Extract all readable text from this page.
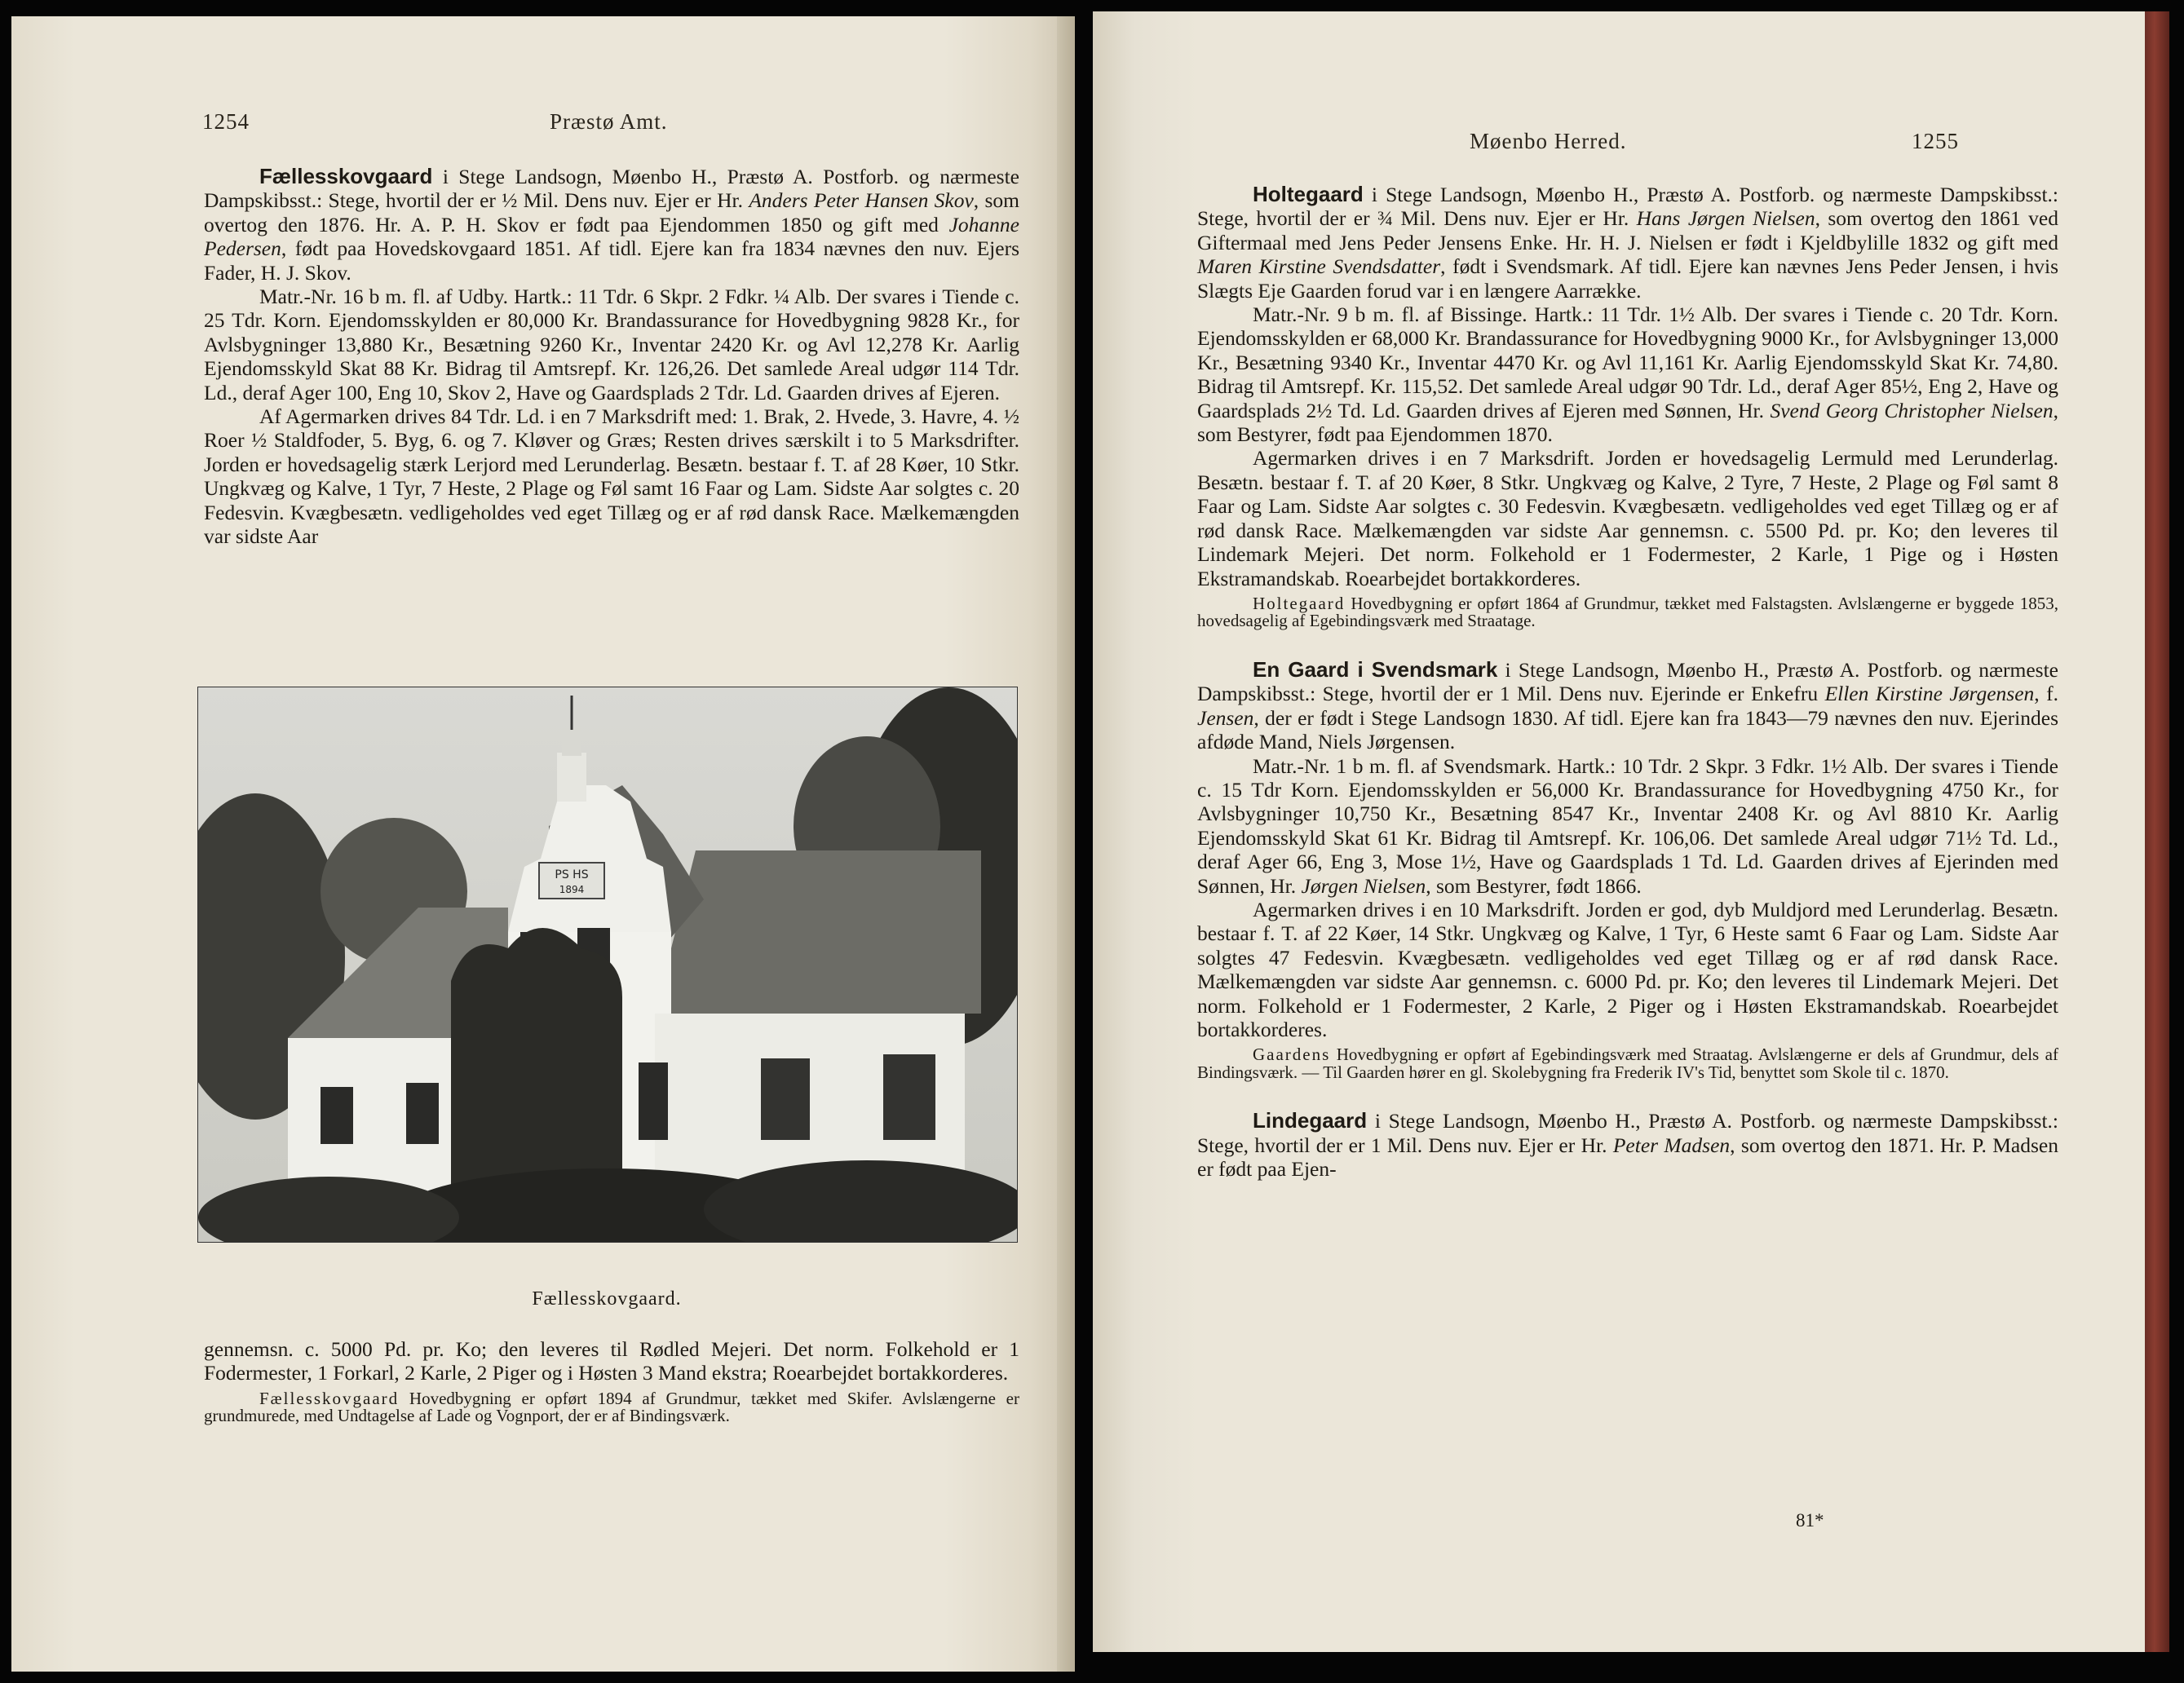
1254	Præstø Amt.

Fællesskovgaard i Stege Landsogn, Møenbo H., Præstø A. Postforb. og nærmeste Dampskibsst.: Stege, hvortil der er ½ Mil. Dens nuv. Ejer er Hr. Anders Peter Hansen Skov, som overtog den 1876. Hr. A. P. H. Skov er født paa Ejendommen 1850 og gift med Johanne Pedersen, født paa Hovedskovgaard 1851. Af tidl. Ejere kan fra 1834 nævnes den nuv. Ejers Fader, H. J. Skov.

Matr.-Nr. 16 b m. fl. af Udby. Hartk.: 11 Tdr. 6 Skpr. 2 Fdkr. ¼ Alb. Der svares i Tiende c. 25 Tdr. Korn. Ejendomsskylden er 80,000 Kr. Brandassurance for Hovedbygning 9828 Kr., for Avlsbygninger 13,880 Kr., Besætning 9260 Kr., Inventar 2420 Kr. og Avl 12,278 Kr. Aarlig Ejendomsskyld Skat 88 Kr. Bidrag til Amtsrepf. Kr. 126,26. Det samlede Areal udgør 114 Tdr. Ld., deraf Ager 100, Eng 10, Skov 2, Have og Gaardsplads 2 Tdr. Ld. Gaarden drives af Ejeren.

Af Agermarken drives 84 Tdr. Ld. i en 7 Marksdrift med: 1. Brak, 2. Hvede, 3. Havre, 4. ½ Roer ½ Staldfoder, 5. Byg, 6. og 7. Kløver og Græs; Resten drives særskilt i to 5 Marksdrifter. Jorden er hovedsagelig stærk Lerjord med Lerunderlag. Besætn. bestaar f. T. af 28 Køer, 10 Stkr. Ungkvæg og Kalve, 1 Tyr, 7 Heste, 2 Plage og Føl samt 16 Faar og Lam. Sidste Aar solgtes c. 20 Fedesvin. Kvægbesætn. vedligeholdes ved eget Tillæg og er af rød dansk Race. Mælkemængden var sidste Aar

PS HS
1894
Fællesskovgaard.

gennemsn. c. 5000 Pd. pr. Ko; den leveres til Rødled Mejeri. Det norm. Folkehold er 1 Fodermester, 1 Forkarl, 2 Karle, 2 Piger og i Høsten 3 Mand ekstra; Roearbejdet bortakkorderes.

Fællesskovgaard Hovedbygning er opført 1894 af Grundmur, tækket med Skifer. Avlslængerne er grundmurede, med Undtagelse af Lade og Vognport, der er af Bindingsværk.

Møenbo Herred.	1255

Holtegaard i Stege Landsogn, Møenbo H., Præstø A. Postforb. og nærmeste Dampskibsst.: Stege, hvortil der er ¾ Mil. Dens nuv. Ejer er Hr. Hans Jørgen Nielsen, som overtog den 1861 ved Giftermaal med Jens Peder Jensens Enke. Hr. H. J. Nielsen er født i Kjeldbylille 1832 og gift med Maren Kirstine Svendsdatter, født i Svendsmark. Af tidl. Ejere kan nævnes Jens Peder Jensen, i hvis Slægts Eje Gaarden forud var i en længere Aarrække.

Matr.-Nr. 9 b m. fl. af Bissinge. Hartk.: 11 Tdr. 1½ Alb. Der svares i Tiende c. 20 Tdr. Korn. Ejendomsskylden er 68,000 Kr. Brandassurance for Hovedbygning 9000 Kr., for Avlsbygninger 13,000 Kr., Besætning 9340 Kr., Inventar 4470 Kr. og Avl 11,161 Kr. Aarlig Ejendomsskyld Skat Kr. 74,80. Bidrag til Amtsrepf. Kr. 115,52. Det samlede Areal udgør 90 Tdr. Ld., deraf Ager 85½, Eng 2, Have og Gaardsplads 2½ Td. Ld. Gaarden drives af Ejeren med Sønnen, Hr. Svend Georg Christopher Nielsen, som Bestyrer, født paa Ejendommen 1870.

Agermarken drives i en 7 Marksdrift. Jorden er hovedsagelig Lermuld med Lerunderlag. Besætn. bestaar f. T. af 20 Køer, 8 Stkr. Ungkvæg og Kalve, 2 Tyre, 7 Heste, 2 Plage og Føl samt 8 Faar og Lam. Sidste Aar solgtes c. 30 Fedesvin. Kvægbesætn. vedligeholdes ved eget Tillæg og er af rød dansk Race. Mælkemængden var sidste Aar gennemsn. c. 5500 Pd. pr. Ko; den leveres til Lindemark Mejeri. Det norm. Folkehold er 1 Fodermester, 2 Karle, 1 Pige og i Høsten Ekstramandskab. Roearbejdet bortakkorderes.

Holtegaard Hovedbygning er opført 1864 af Grundmur, tækket med Falstagsten. Avlslængerne er byggede 1853, hovedsagelig af Egebindingsværk med Straatage.

En Gaard i Svendsmark i Stege Landsogn, Møenbo H., Præstø A. Postforb. og nærmeste Dampskibsst.: Stege, hvortil der er 1 Mil. Dens nuv. Ejerinde er Enkefru Ellen Kirstine Jørgensen, f. Jensen, der er født i Stege Landsogn 1830. Af tidl. Ejere kan fra 1843—79 nævnes den nuv. Ejerindes afdøde Mand, Niels Jørgensen.

Matr.-Nr. 1 b m. fl. af Svendsmark. Hartk.: 10 Tdr. 2 Skpr. 3 Fdkr. 1½ Alb. Der svares i Tiende c. 15 Tdr Korn. Ejendomsskylden er 56,000 Kr. Brandassurance for Hovedbygning 4750 Kr., for Avlsbygninger 10,750 Kr., Besætning 8547 Kr., Inventar 2408 Kr. og Avl 8810 Kr. Aarlig Ejendomsskyld Skat 61 Kr. Bidrag til Amtsrepf. Kr. 106,06. Det samlede Areal udgør 71½ Td. Ld., deraf Ager 66, Eng 3, Mose 1½, Have og Gaardsplads 1 Td. Ld. Gaarden drives af Ejerinden med Sønnen, Hr. Jørgen Nielsen, som Bestyrer, født 1866.

Agermarken drives i en 10 Marksdrift. Jorden er god, dyb Muldjord med Lerunderlag. Besætn. bestaar f. T. af 22 Køer, 14 Stkr. Ungkvæg og Kalve, 1 Tyr, 6 Heste samt 6 Faar og Lam. Sidste Aar solgtes 47 Fedesvin. Kvægbesætn. vedligeholdes ved eget Tillæg og er af rød dansk Race. Mælkemængden var sidste Aar gennemsn. c. 6000 Pd. pr. Ko; den leveres til Lindemark Mejeri. Det norm. Folkehold er 1 Fodermester, 2 Karle, 2 Piger og i Høsten Ekstramandskab. Roearbejdet bortakkorderes.

Gaardens Hovedbygning er opført af Egebindingsværk med Straatag. Avlslængerne er dels af Grundmur, dels af Bindingsværk. — Til Gaarden hører en gl. Skolebygning fra Frederik IV's Tid, benyttet som Skole til c. 1870.

Lindegaard i Stege Landsogn, Møenbo H., Præstø A. Postforb. og nærmeste Dampskibsst.: Stege, hvortil der er 1 Mil. Dens nuv. Ejer er Hr. Peter Madsen, som overtog den 1871. Hr. P. Madsen er født paa Ejen-

81*
